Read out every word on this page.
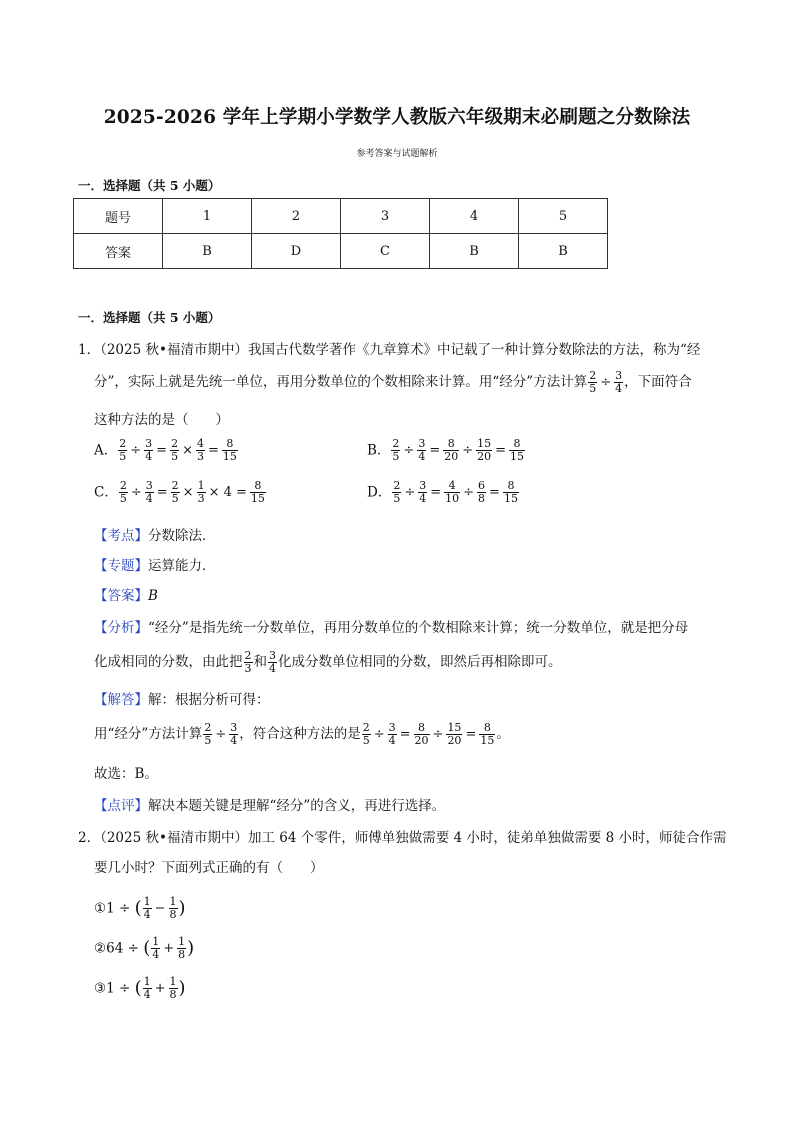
2025-2026 学年上学期小学数学人教版六年级期末必刷题之分数除法
参考答案与试题解析
一．选择题（共 5 小题）
题号	1	2	3	4	5
答案	B	D	C	B	B
一．选择题（共 5 小题）
1．（2025 秋•福清市期中）我国古代数学著作《九章算术》中记载了一种计算分数除法的方法，称为“经
分”，实际上就是先统一单位，再用分数单位的个数相除来计算。用“经分”方法计算 $\frac{2}{5} \div \frac{3}{4}$ ，下面符合
这种方法的是（　　）
A． $\frac{2}{5} \div \frac{3}{4} = \frac{2}{5} \times \frac{4}{3} = \frac{8}{15}$	B． $\frac{2}{5} \div \frac{3}{4} = \frac{8}{20} \div \frac{15}{20} = \frac{8}{15}$
C． $\frac{2}{5} \div \frac{3}{4} = \frac{2}{5} \times \frac{1}{3} \times 4 = \frac{8}{15}$	D． $\frac{2}{5} \div \frac{3}{4} = \frac{4}{10} \div \frac{6}{8} = \frac{8}{15}$
【考点】分数除法．
【专题】运算能力．
【答案】B
【分析】“经分”是指先统一分数单位，再用分数单位的个数相除来计算；统一分数单位，就是把分母
化成相同的分数，由此把 $\frac{2}{3}$ 和 $\frac{3}{4}$ 化成分数单位相同的分数，即然后再相除即可。
【解答】解：根据分析可得：
用“经分”方法计算 $\frac{2}{5} \div \frac{3}{4}$ ，符合这种方法的是 $\frac{2}{5} \div \frac{3}{4} = \frac{8}{20} \div \frac{15}{20} = \frac{8}{15}$ 。
故选：B。
【点评】解决本题关键是理解“经分”的含义，再进行选择。
2．（2025 秋•福清市期中）加工 64 个零件，师傅单独做需要 4 小时，徒弟单独做需要 8 小时，师徒合作需
要几小时？下面列式正确的有（　　）
①1 ÷ ( $\frac{1}{4} - \frac{1}{8}$ )
②64 ÷ ( $\frac{1}{4} + \frac{1}{8}$ )
③1 ÷ ( $\frac{1}{4} + \frac{1}{8}$ )
